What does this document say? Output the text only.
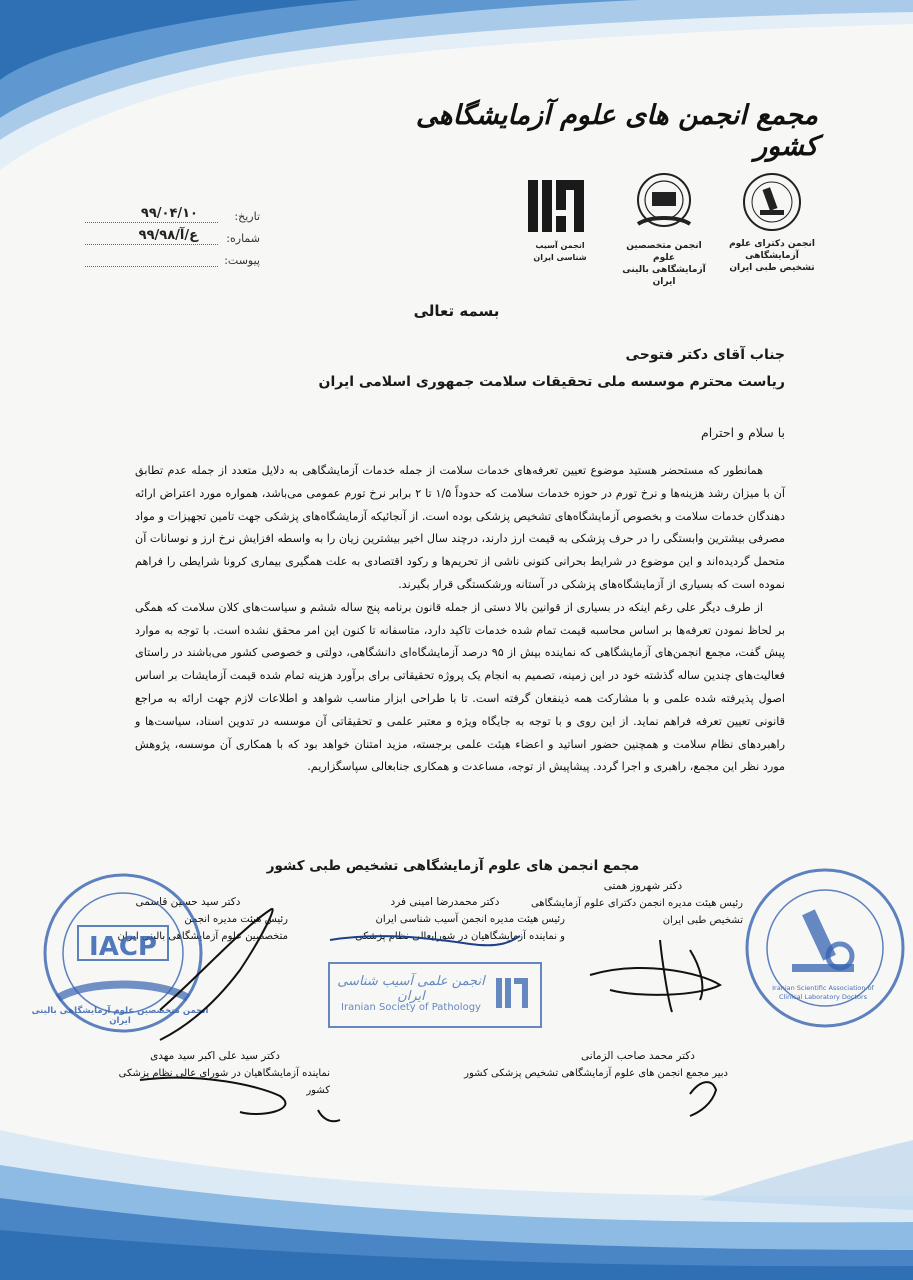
مجمع انجمن های علوم آزمایشگاهی کشور
انجمن آسیب شناسی ایران
انجمن متخصصین علوم
آزمایشگاهی بالینی ایران
انجمن دکترای علوم آزمایشگاهی
تشخیص طبی ایران
تاریخ:
۹۹/۰۴/۱۰
شماره:
۹۹/۹۸/ع/آ
پیوست:
بسمه تعالی
جناب آقای دکتر فتوحی
ریاست محترم موسسه ملی تحقیقات سلامت جمهوری اسلامی ایران
با سلام و احترام

همانطور که مستحضر هستید موضوع تعیین تعرفه‌های خدمات سلامت از جمله خدمات آزمایشگاهی به دلایل متعدد از جمله عدم تطابق آن با میزان رشد هزینه‌ها و نرخ تورم در حوزه خدمات سلامت که حدوداً ۱/۵ تا ۲ برابر نرخ تورم عمومی می‌باشد، همواره مورد اعتراض ارائه دهندگان خدمات سلامت و بخصوص آزمایشگاه‌های تشخیص پزشکی بوده است. از آنجائیکه آزمایشگاه‌های پزشکی جهت تامین تجهیزات و مواد مصرفی بیشترین وابستگی را در حرف پزشکی به قیمت ارز دارند، درچند سال اخیر بیشترین زیان را به واسطه افزایش نرخ ارز و نوسانات آن متحمل گردیده‌اند و این موضوع در شرایط بحرانی کنونی ناشی از تحریم‌ها و رکود اقتصادی به علت همگیری بیماری کرونا شرایطی را فراهم نموده است که بسیاری از آزمایشگاه‌های پزشکی در آستانه ورشکستگی قرار بگیرند.

از طرف دیگر علی رغم اینکه در بسیاری از قوانین بالا دستی از جمله قانون برنامه پنج ساله ششم و سیاست‌های کلان سلامت که همگی بر لحاظ نمودن تعرفه‌ها بر اساس محاسبه قیمت تمام شده خدمات تاکید دارد، متاسفانه تا کنون این امر محقق نشده است. با توجه به موارد پیش گفت، مجمع انجمن‌های آزمایشگاهی که نماینده بیش از ۹۵ درصد آزمایشگاه‌ای دانشگاهی، دولتی و خصوصی کشور می‌باشند در راستای فعالیت‌های چندین ساله گذشته خود در این زمینه، تصمیم به انجام یک پروژه تحقیقاتی برای برآورد هزینه تمام شده قیمت آزمایشات بر اساس اصول پذیرفته شده علمی و با مشارکت همه ذینفعان گرفته است. تا با طراحی ابزار مناسب شواهد و اطلاعات لازم جهت ارائه به مراجع قانونی تعیین تعرفه فراهم نماید. از این روی و با توجه به جایگاه ویژه و معتبر علمی و تحقیقاتی آن موسسه در تدوین اسناد، سیاست‌ها و راهبردهای نظام سلامت و همچنین حضور اساتید و اعضاء هیئت علمی برجسته، مزید امتنان خواهد بود که با همکاری آن موسسه، پژوهش مورد نظر این مجمع، راهبری و اجرا گردد. پیشاپیش از توجه، مساعدت و همکاری جنابعالی سپاسگزاریم.

مجمع انجمن های علوم آزمایشگاهی تشخیص طبی کشور
دکتر شهروز همتی
رئیس هیئت مدیره انجمن دکترای علوم آزمایشگاهی
تشخیص طبی ایران
دکتر محمدرضا امینی فرد
رئیس هیئت مدیره انجمن آسیب شناسی ایران
و نماینده آزمایشگاهیان در شورایعالی نظام پزشکی
دکتر سید حسین قاسمی
رئیس هیئت مدیره انجمن
متخصصین علوم آزمایشگاهی بالینی ایران
دکتر محمد صاحب الزمانی
دبیر مجمع انجمن های علوم آزمایشگاهی تشخیص پزشکی کشور
دکتر سید علی اکبر سید مهدی
نماینده آزمایشگاهیان در شورای عالی نظام پزشکی کشور
انجمن علمی آسیب شناسی ایران
Iranian Society of Pathology
IACP
انجمن متخصصین علوم آزمایشگاهی بالینی ایران
Iranian Scientific Association of Clinical Laboratory Doctors
